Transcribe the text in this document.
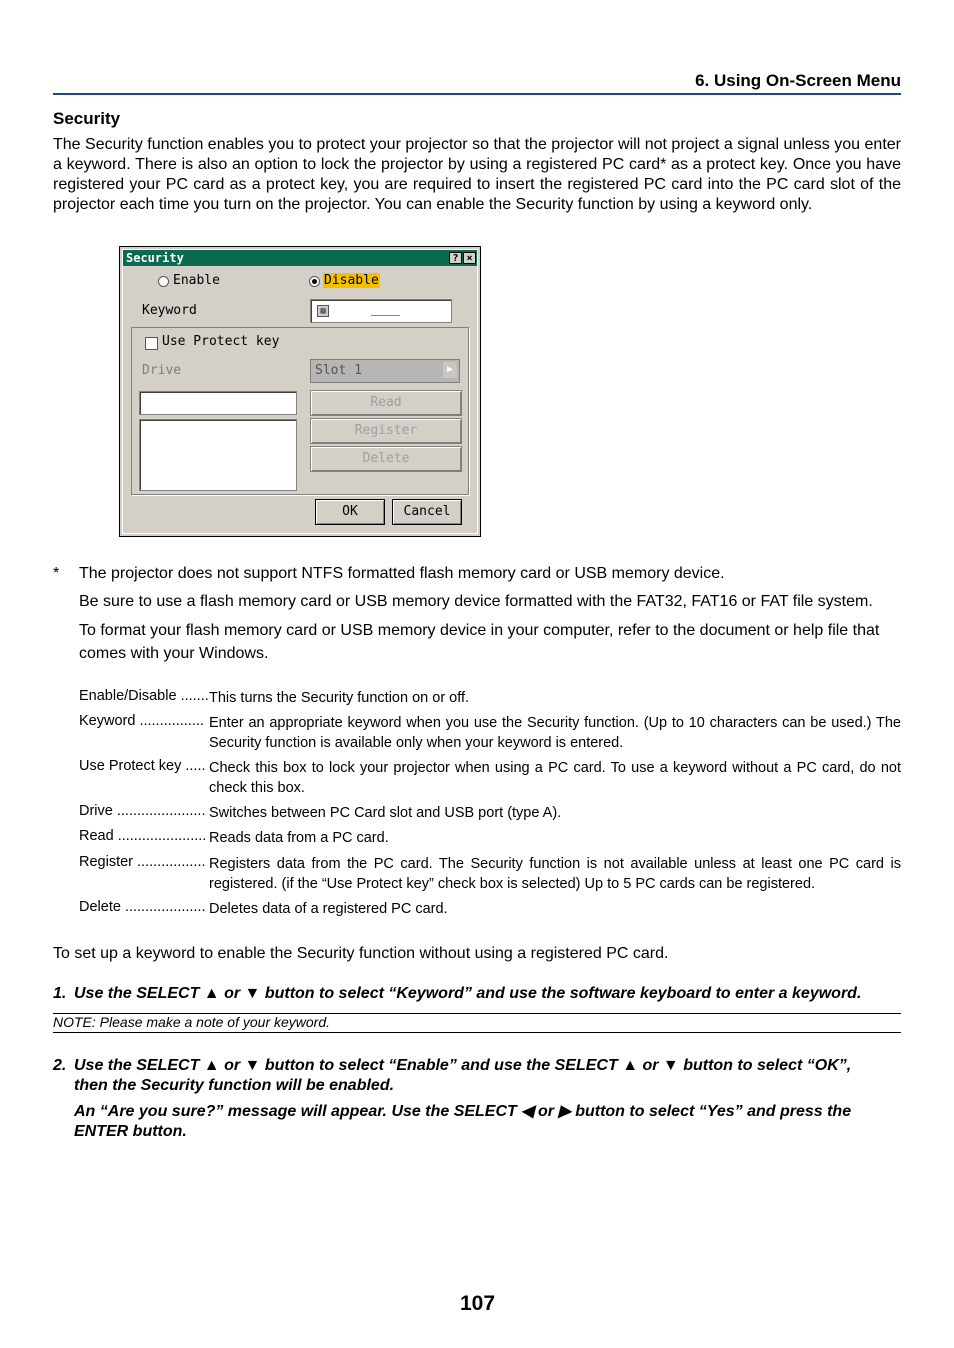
6. Using On-Screen Menu
Security
The Security function enables you to protect your projector so that the projector will not project a signal unless you enter a keyword. There is also an option to lock the projector by using a registered PC card* as a protect key. Once you have registered your PC card as a protect key, you are required to insert the registered PC card into the PC card slot of the projector each time you turn on the projector. You can enable the Security function by using a keyword only.
Security	? ×
Enable	Disable
Keyword	▤	____
Use Protect key
Drive	Slot 1	▶
Read
Register
Delete
OK	Cancel
* The projector does not support NTFS formatted flash memory card or USB memory device.
Be sure to use a flash memory card or USB memory device formatted with the FAT32, FAT16 or FAT file system.
To format your flash memory card or USB memory device in your computer, refer to the document or help file that comes with your Windows.
Enable/Disable ....... This turns the Security function on or off.
Keyword ................ Enter an appropriate keyword when you use the Security function. (Up to 10 characters can be used.) The Security function is available only when your keyword is entered.
Use Protect key ..... Check this box to lock your projector when using a PC card. To use a keyword without a PC card, do not check this box.
Drive ...................... Switches between PC Card slot and USB port (type A).
Read ...................... Reads data from a PC card.
Register ................. Registers data from the PC card. The Security function is not available unless at least one PC card is registered. (if the “Use Protect key” check box is selected) Up to 5 PC cards can be registered.
Delete .................... Deletes data of a registered PC card.
To set up a keyword to enable the Security function without using a registered PC card.
1. Use the SELECT ▲ or ▼ button to select “Keyword” and use the software keyboard to enter a keyword.
NOTE: Please make a note of your keyword.
2. Use the SELECT ▲ or ▼ button to select “Enable” and use the SELECT ▲ or ▼ button to select “OK”,
then the Security function will be enabled.
An “Are you sure?” message will appear. Use the SELECT ◀ or ▶ button to select “Yes” and press the
ENTER button.
107
